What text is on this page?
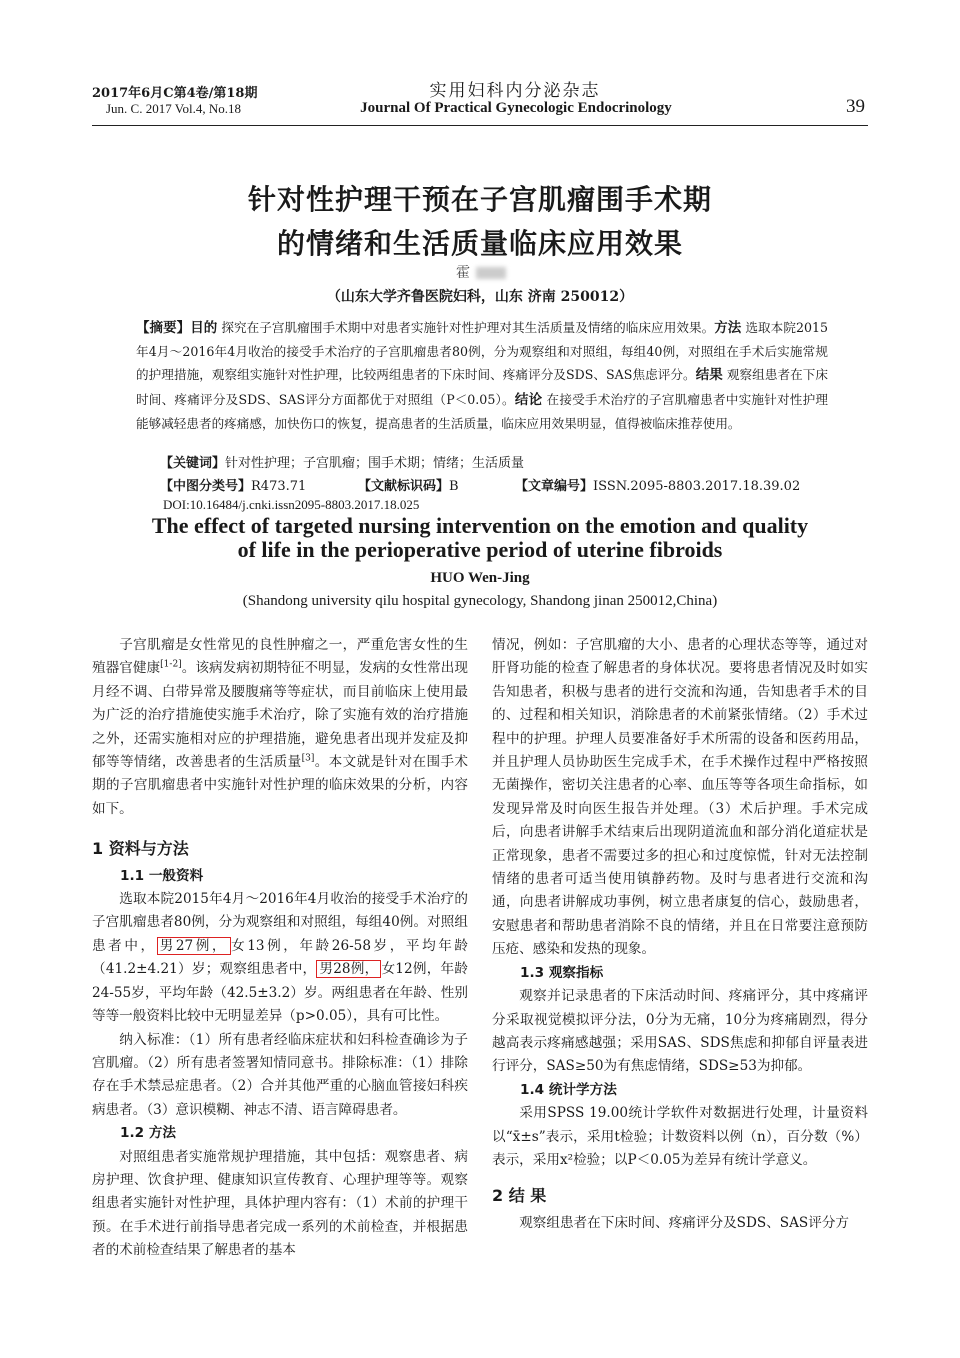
2017年6月C第4卷/第18期
Jun. C. 2017 Vol.4, No.18
实用妇科内分泌杂志
Journal Of Practical Gynecologic Endocrinology	39
针对性护理干预在子宫肌瘤围手术期
的情绪和生活质量临床应用效果
霍
（山东大学齐鲁医院妇科，山东 济南 250012）

【摘要】目的 探究在子宫肌瘤围手术期中对患者实施针对性护理对其生活质量及情绪的临床应用效果。方法 选取本院2015年4月～2016年4月收治的接受手术治疗的子宫肌瘤患者80例，分为观察组和对照组，每组40例，对照组在手术后实施常规的护理措施，观察组实施针对性护理，比较两组患者的下床时间、疼痛评分及SDS、SAS焦虑评分。结果 观察组患者在下床时间、疼痛评分及SDS、SAS评分方面都优于对照组（P＜0.05）。结论 在接受手术治疗的子宫肌瘤患者中实施针对性护理能够减轻患者的疼痛感，加快伤口的恢复，提高患者的生活质量，临床应用效果明显，值得被临床推荐使用。

【关键词】针对性护理；子宫肌瘤；围手术期；情绪；生活质量
【中图分类号】R473.71	【文献标识码】B	【文章编号】ISSN.2095-8803.2017.18.39.02
DOI:10.16484/j.cnki.issn2095-8803.2017.18.025
The effect of targeted nursing intervention on the emotion and quality
of life in the perioperative period of uterine fibroids
HUO Wen-Jing
(Shandong university qilu hospital gynecology, Shandong jinan 250012,China)

子宫肌瘤是女性常见的良性肿瘤之一，严重危害女性的生殖器官健康[1-2]。该病发病初期特征不明显，发病的女性常出现月经不调、白带异常及腰腹痛等等症状，而目前临床上使用最为广泛的治疗措施使实施手术治疗，除了实施有效的治疗措施之外，还需实施相对应的护理措施，避免患者出现并发症及抑郁等等情绪，改善患者的生活质量[3]。本文就是针对在围手术期的子宫肌瘤患者中实施针对性护理的临床效果的分析，内容如下。

1 资料与方法
1.1 一般资料

选取本院2015年4月～2016年4月收治的接受手术治疗的子宫肌瘤患者80例，分为观察组和对照组，每组40例。对照组患者中， 男27例， 女13例，年龄26-58岁，平均年龄（41.2±4.21）岁；观察组患者中， 男28例， 女12例，年龄24-55岁，平均年龄（42.5±3.2）岁。两组患者在年龄、性别等等一般资料比较中无明显差异（p>0.05），具有可比性。

纳入标准：（1）所有患者经临床症状和妇科检查确诊为子宫肌瘤。（2）所有患者签署知情同意书。排除标准：（1）排除存在手术禁忌症患者。（2）合并其他严重的心脑血管接妇科疾病患者。（3）意识模糊、神志不清、语言障碍患者。

1.2 方法

对照组患者实施常规护理措施，其中包括：观察患者、病房护理、饮食护理、健康知识宣传教育、心理护理等等。观察组患者实施针对性护理，具体护理内容有：（1）术前的护理干预。在手术进行前指导患者完成一系列的术前检查，并根据患者的术前检查结果了解患者的基本

情况，例如：子宫肌瘤的大小、患者的心理状态等等，通过对肝肾功能的检查了解患者的身体状况。要将患者情况及时如实告知患者，积极与患者的进行交流和沟通，告知患者手术的目的、过程和相关知识，消除患者的术前紧张情绪。（2）手术过程中的护理。护理人员要准备好手术所需的设备和医药用品，并且护理人员协助医生完成手术，在手术操作过程中严格按照无菌操作，密切关注患者的心率、血压等等各项生命指标，如发现异常及时向医生报告并处理。（3）术后护理。手术完成后，向患者讲解手术结束后出现阴道流血和部分消化道症状是正常现象，患者不需要过多的担心和过度惊慌，针对无法控制情绪的患者可适当使用镇静药物。及时与患者进行交流和沟通，向患者讲解成功事例，树立患者康复的信心，鼓励患者，安慰患者和帮助患者消除不良的情绪，并且在日常要注意预防压疮、感染和发热的现象。

1.3 观察指标

观察并记录患者的下床活动时间、疼痛评分，其中疼痛评分采取视觉模拟评分法，0分为无痛，10分为疼痛剧烈，得分越高表示疼痛感越强；采用SAS、SDS焦虑和抑郁自评量表进行评分，SAS≥50为有焦虑情绪，SDS≥53为抑郁。

1.4 统计学方法

采用SPSS 19.00统计学软件对数据进行处理，计量资料以“x̄±s”表示，采用t检验；计数资料以例（n），百分数（%）表示，采用x²检验；以P＜0.05为差异有统计学意义。

2 结 果

观察组患者在下床时间、疼痛评分及SDS、SAS评分方
